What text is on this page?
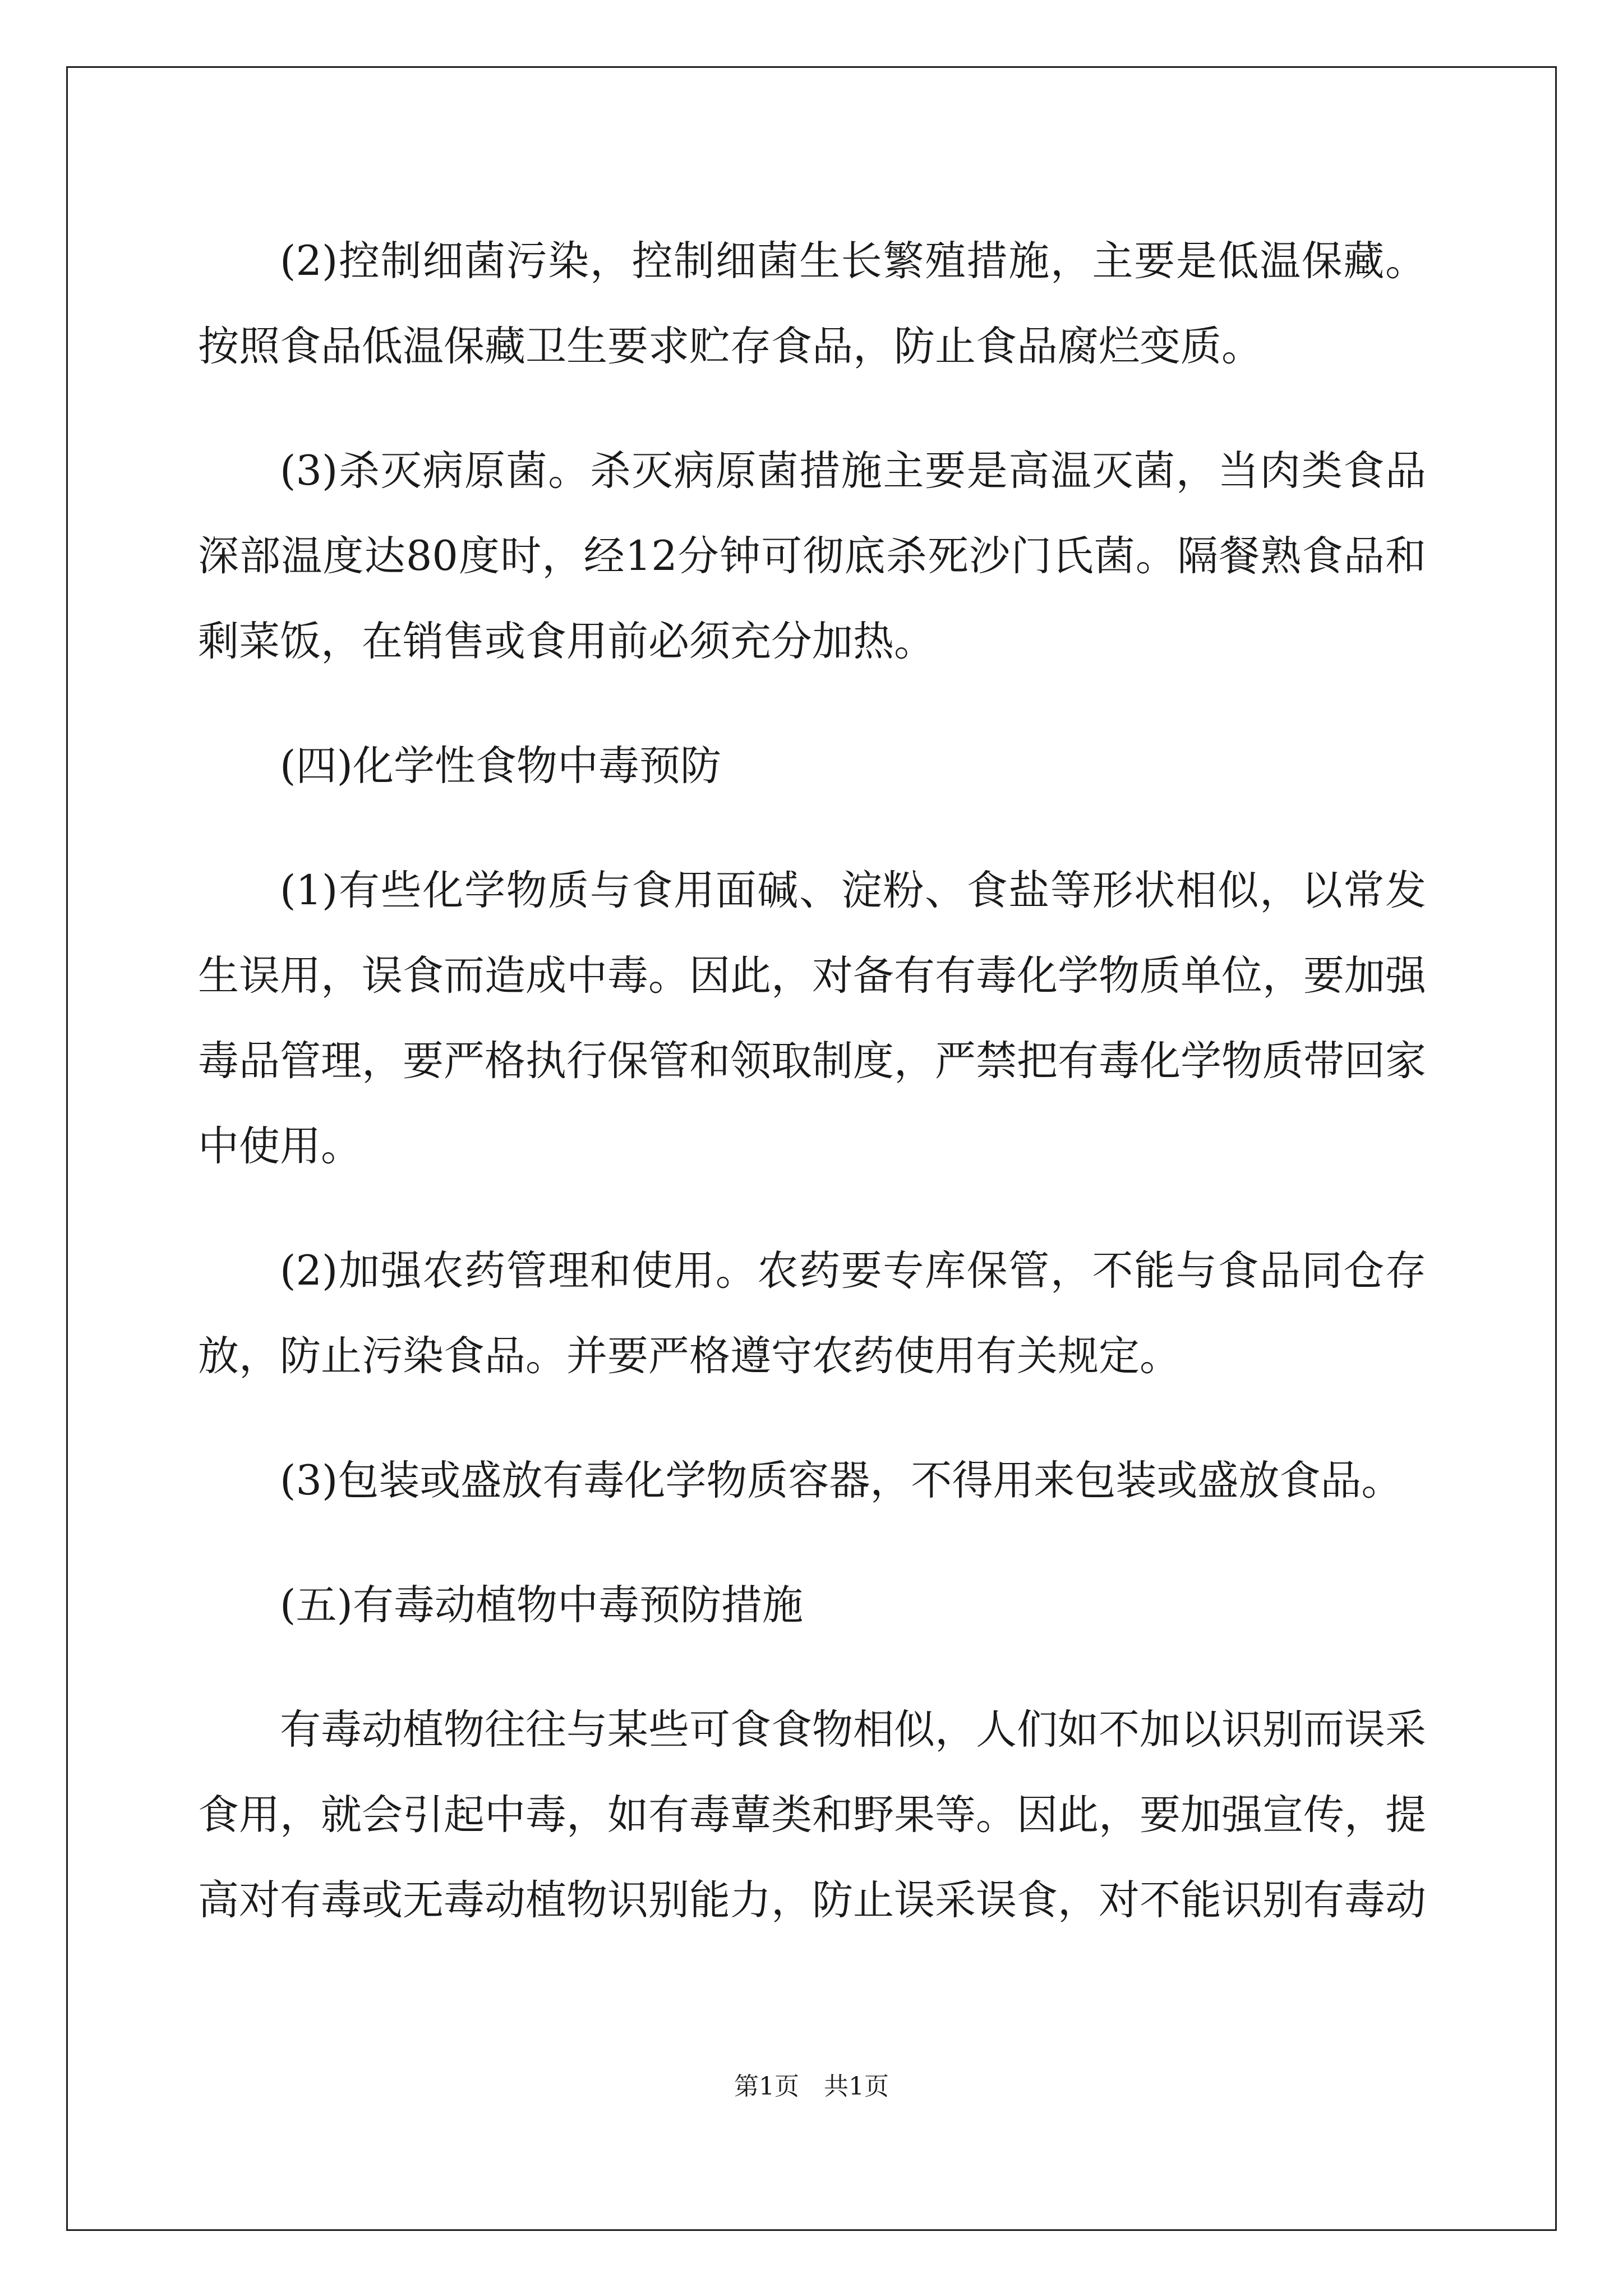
(2)控制细菌污染，控制细菌生长繁殖措施，主要是低温保藏。按照食品低温保藏卫生要求贮存食品，防止食品腐烂变质。

(3)杀灭病原菌。杀灭病原菌措施主要是高温灭菌，当肉类食品深部温度达80度时，经12分钟可彻底杀死沙门氏菌。隔餐熟食品和剩菜饭，在销售或食用前必须充分加热。

(四)化学性食物中毒预防

(1)有些化学物质与食用面碱、淀粉、食盐等形状相似，以常发生误用，误食而造成中毒。因此，对备有有毒化学物质单位，要加强毒品管理，要严格执行保管和领取制度，严禁把有毒化学物质带回家中使用。

(2)加强农药管理和使用。农药要专库保管，不能与食品同仓存放，防止污染食品。并要严格遵守农药使用有关规定。

(3)包装或盛放有毒化学物质容器，不得用来包装或盛放食品。

(五)有毒动植物中毒预防措施

有毒动植物往往与某些可食食物相似，人们如不加以识别而误采食用，就会引起中毒，如有毒蕈类和野果等。因此，要加强宣传，提高对有毒或无毒动植物识别能力，防止误采误食，对不能识别有毒动

第1页　共1页
